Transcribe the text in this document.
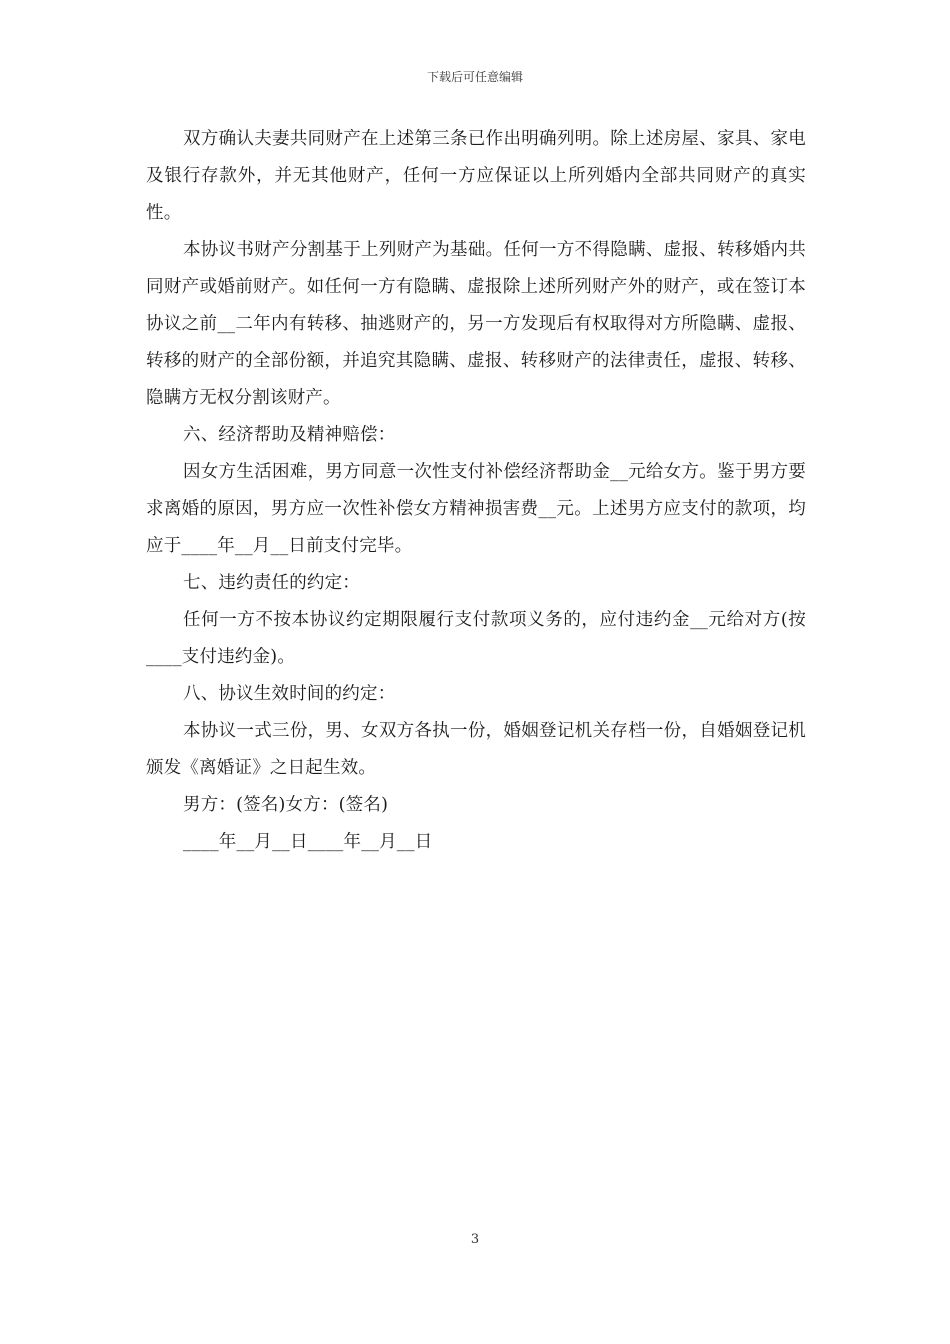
下载后可任意编辑

双方确认夫妻共同财产在上述第三条已作出明确列明。除上述房屋、家具、家电及银行存款外，并无其他财产，任何一方应保证以上所列婚内全部共同财产的真实性。

本协议书财产分割基于上列财产为基础。任何一方不得隐瞒、虚报、转移婚内共同财产或婚前财产。如任何一方有隐瞒、虚报除上述所列财产外的财产，或在签订本协议之前__二年内有转移、抽逃财产的，另一方发现后有权取得对方所隐瞒、虚报、转移的财产的全部份额，并追究其隐瞒、虚报、转移财产的法律责任，虚报、转移、隐瞒方无权分割该财产。

六、经济帮助及精神赔偿：

因女方生活困难，男方同意一次性支付补偿经济帮助金__元给女方。鉴于男方要求离婚的原因，男方应一次性补偿女方精神损害费__元。上述男方应支付的款项，均应于____年__月__日前支付完毕。

七、违约责任的约定：

任何一方不按本协议约定期限履行支付款项义务的，应付违约金__元给对方(按____支付违约金)。

八、协议生效时间的约定：

本协议一式三份，男、女双方各执一份，婚姻登记机关存档一份，自婚姻登记机颁发《离婚证》之日起生效。

男方：(签名)女方：(签名)

____年__月__日____年__月__日

3
